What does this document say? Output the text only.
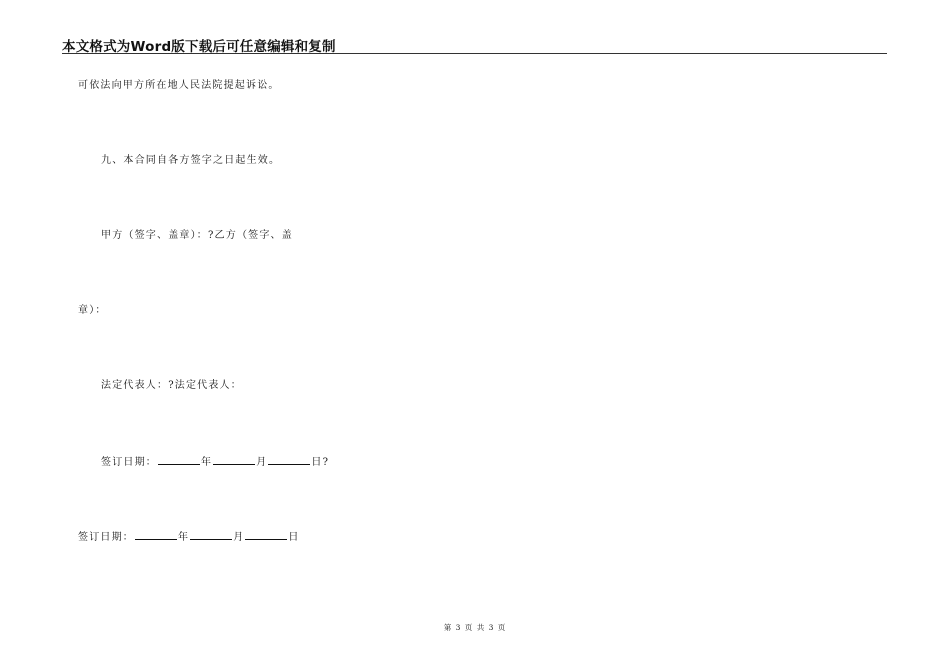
本文格式为Word版下载后可任意编辑和复制
可依法向甲方所在地人民法院提起诉讼。
九、本合同自各方签字之日起生效。
甲方（签字、盖章）：?乙方（签字、盖
章）：
法定代表人：?法定代表人：
签订日期：	年	月	日?
签订日期：	年	月	日
第 3 页 共 3 页
